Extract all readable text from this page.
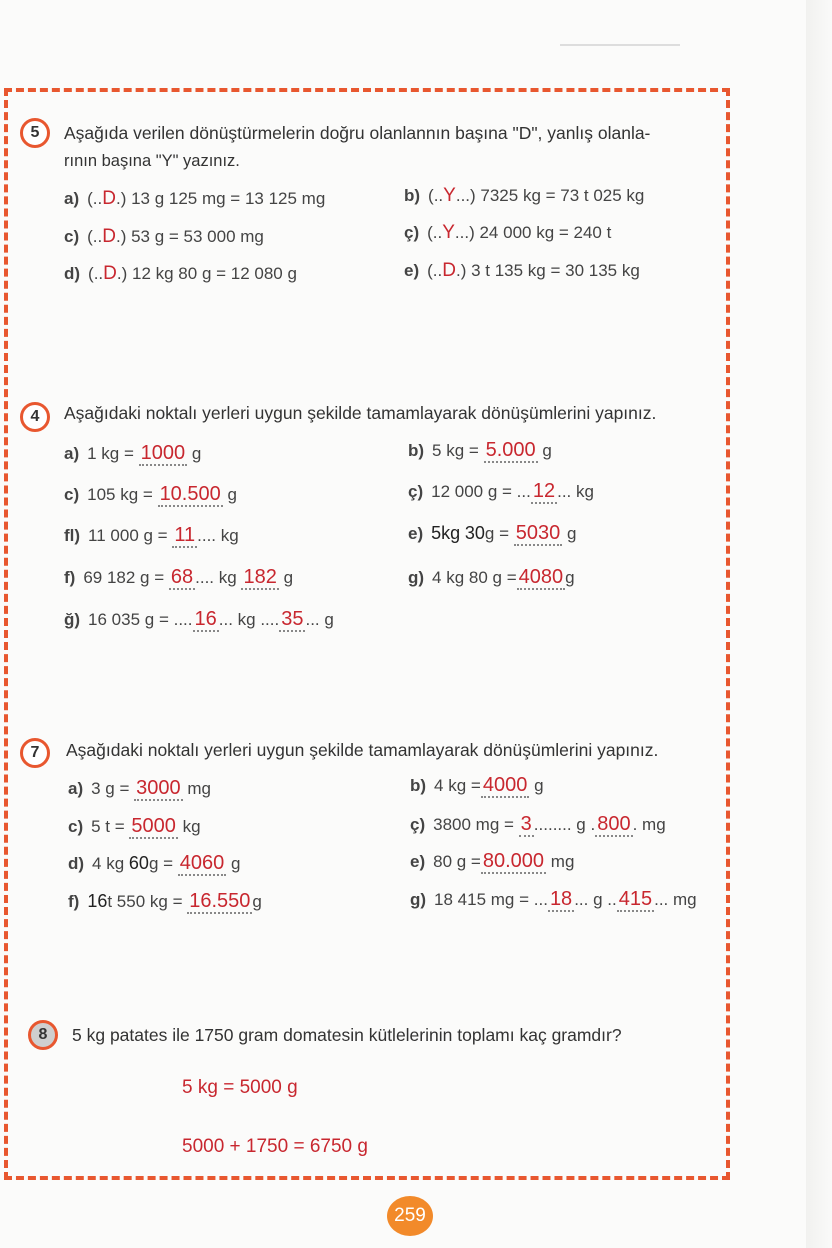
5	Aşağıda verilen dönüştürmelerin doğru olanlannın başına "D", yanlış olanla-
rının başına "Y" yazınız.
a) (..D.) 13 g 125 mg = 13 125 mg	b) (..Y...) 7325 kg = 73 t 025 kg
c) (..D.) 53 g = 53 000 mg	ç) (..Y...) 24 000 kg = 240 t
d) (..D.) 12 kg 80 g = 12 080 g	e) (..D.) 3 t 135 kg = 30 135 kg
4	Aşağıdaki noktalı yerleri uygun şekilde tamamlayarak dönüşümlerini yapınız.
a) 1 kg = 1000 g	b) 5 kg = 5.000 g
c) 105 kg = 10.500 g	ç) 12 000 g = ... 12 ... kg
fl) 11 000 g = 11 .... kg	e) 5kg 30g = 5030 g
f) 69 182 g = 68 .... kg 182 g	g) 4 kg 80 g = 4080 g
ğ) 16 035 g = .... 16 ... kg .... 35 ... g
7	Aşağıdaki noktalı yerleri uygun şekilde tamamlayarak dönüşümlerini yapınız.
a) 3 g = 3000 mg	b) 4 kg = 4000 g
c) 5 t = 5000 kg	ç) 3800 mg = 3 ........ g . 800 . mg
d) 4 kg 60g = 4060 g	e) 80 g = 80.000 mg
f) 16t 550 kg = 16.550 g	g) 18 415 mg = ... 18 ... g .. 415 ... mg
8	5 kg patates ile 1750 gram domatesin kütlelerinin toplamı kaç gramdır?
5 kg = 5000 g
5000 + 1750 = 6750 g
259
